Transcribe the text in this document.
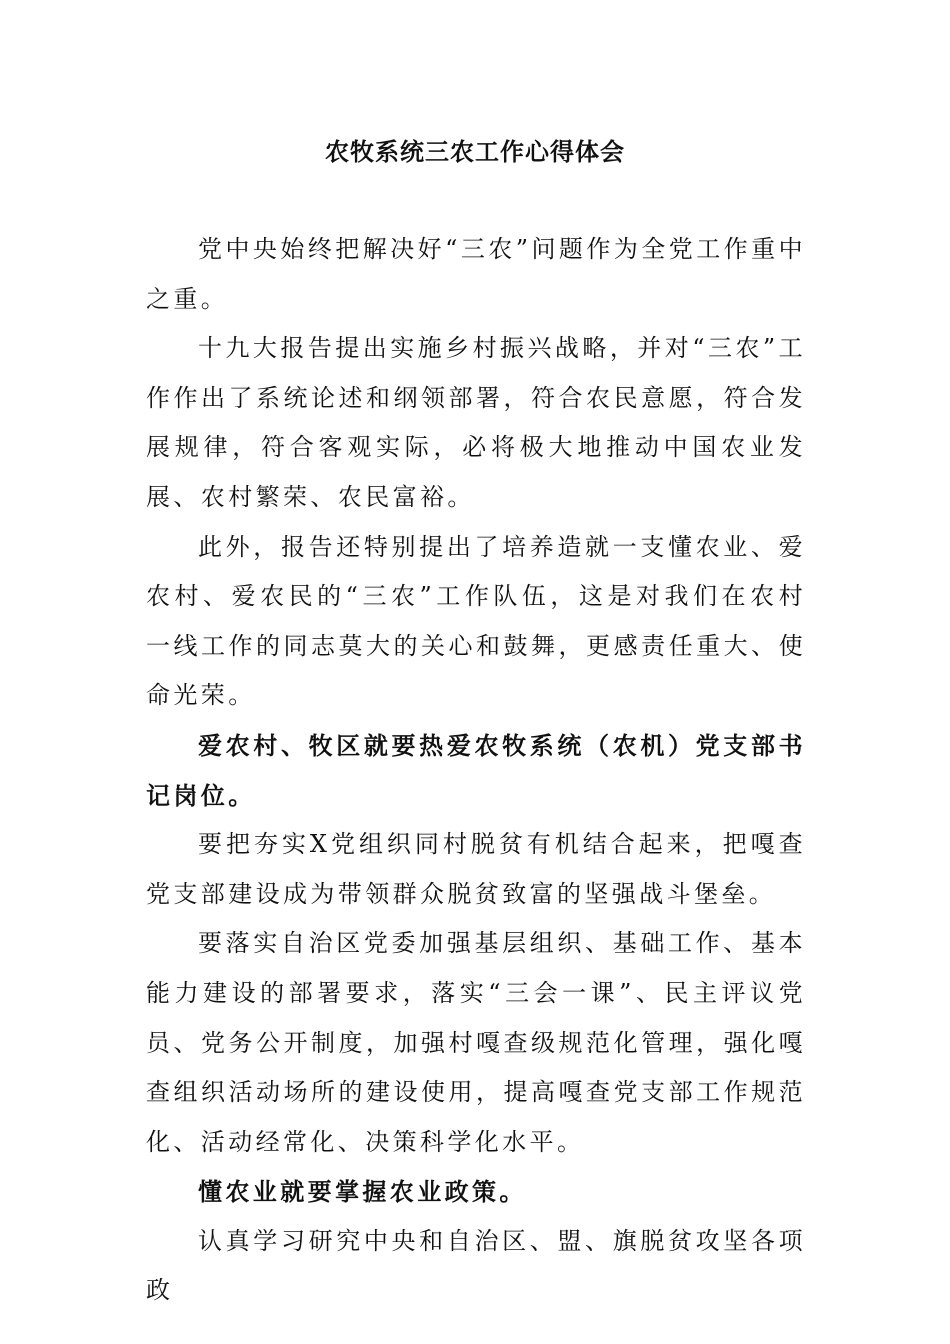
农牧系统三农工作心得体会

党中央始终把解决好“三农”问题作为全党工作重中之重。

十九大报告提出实施乡村振兴战略，并对“三农”工作作出了系统论述和纲领部署，符合农民意愿，符合发展规律，符合客观实际，必将极大地推动中国农业发展、农村繁荣、农民富裕。

此外，报告还特别提出了培养造就一支懂农业、爱农村、爱农民的“三农”工作队伍，这是对我们在农村一线工作的同志莫大的关心和鼓舞，更感责任重大、使命光荣。

爱农村、牧区就要热爱农牧系统（农机）党支部书记岗位。

要把夯实X党组织同村脱贫有机结合起来，把嘎查党支部建设成为带领群众脱贫致富的坚强战斗堡垒。

要落实自治区党委加强基层组织、基础工作、基本能力建设的部署要求，落实“三会一课”、民主评议党员、党务公开制度，加强村嘎查级规范化管理，强化嘎查组织活动场所的建设使用，提高嘎查党支部工作规范化、活动经常化、决策科学化水平。

懂农业就要掌握农业政策。

认真学习研究中央和自治区、盟、旗脱贫攻坚各项政
